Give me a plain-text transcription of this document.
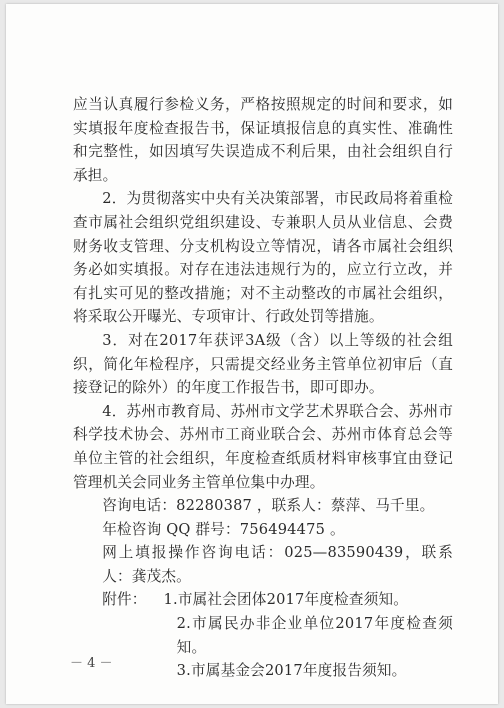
应当认真履行参检义务，严格按照规定的时间和要求，如实填报年度检查报告书，保证填报信息的真实性、准确性和完整性，如因填写失误造成不利后果，由社会组织自行承担。

2．为贯彻落实中央有关决策部署，市民政局将着重检查市属社会组织党组织建设、专兼职人员从业信息、会费财务收支管理、分支机构设立等情况，请各市属社会组织务必如实填报。对存在违法违规行为的，应立行立改，并有扎实可见的整改措施；对不主动整改的市属社会组织，将采取公开曝光、专项审计、行政处罚等措施。

3．对在2017年获评3A级（含）以上等级的社会组织，简化年检程序，只需提交经业务主管单位初审后（直接登记的除外）的年度工作报告书，即可即办。

4．苏州市教育局、苏州市文学艺术界联合会、苏州市科学技术协会、苏州市工商业联合会、苏州市体育总会等单位主管的社会组织，年度检查纸质材料审核事宜由登记管理机关会同业务主管单位集中办理。

咨询电话：82280387 ，联系人：蔡萍、马千里。

年检咨询 QQ 群号：756494475 。

网上填报操作咨询电话：025—83590439，联系人：龚茂杰。

附件：	1.市属社会团体2017年度检查须知。

2.市属民办非企业单位2017年度检查须知。

3.市属基金会2017年度报告须知。

－ 4 －
